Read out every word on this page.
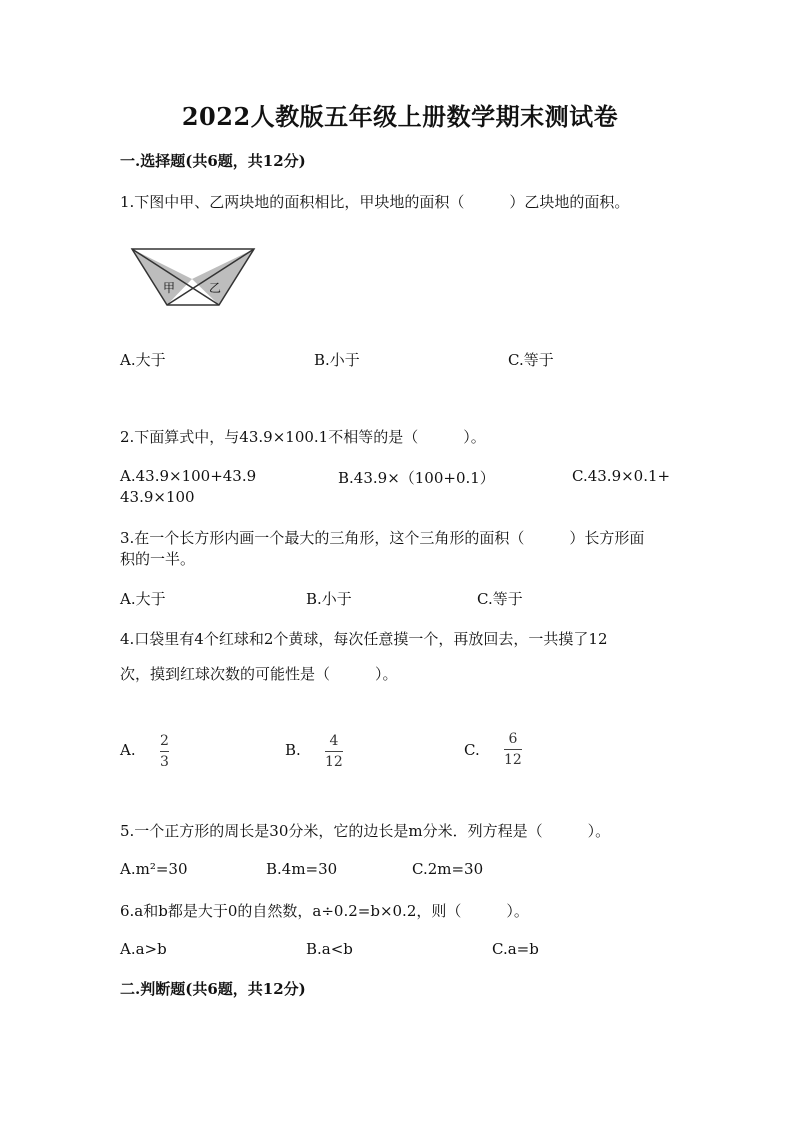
2022人教版五年级上册数学期末测试卷
一.选择题(共6题，共12分)
1.下图中甲、乙两块地的面积相比，甲块地的面积（　　　）乙块地的面积。
甲	乙
A.大于	B.小于	C.等于
2.下面算式中，与43.9×100.1不相等的是（　　　）。
A.43.9×100+43.9	B.43.9×（100+0.1）	C.43.9×0.1+
43.9×100
3.在一个长方形内画一个最大的三角形，这个三角形的面积（　　　）长方形面
积的一半。
A.大于	B.小于	C.等于
4.口袋里有4个红球和2个黄球，每次任意摸一个，再放回去，一共摸了12
次，摸到红球次数的可能性是（　　　）。
A. 2
3
B. 4
12
C.
6
12
5.一个正方形的周长是30分米，它的边长是m分米．列方程是（　　　）。
A.m²=30	B.4m=30	C.2m=30
6.a和b都是大于0的自然数，a÷0.2=b×0.2，则（　　　）。
A.a>b	B.a<b	C.a=b
二.判断题(共6题，共12分)
